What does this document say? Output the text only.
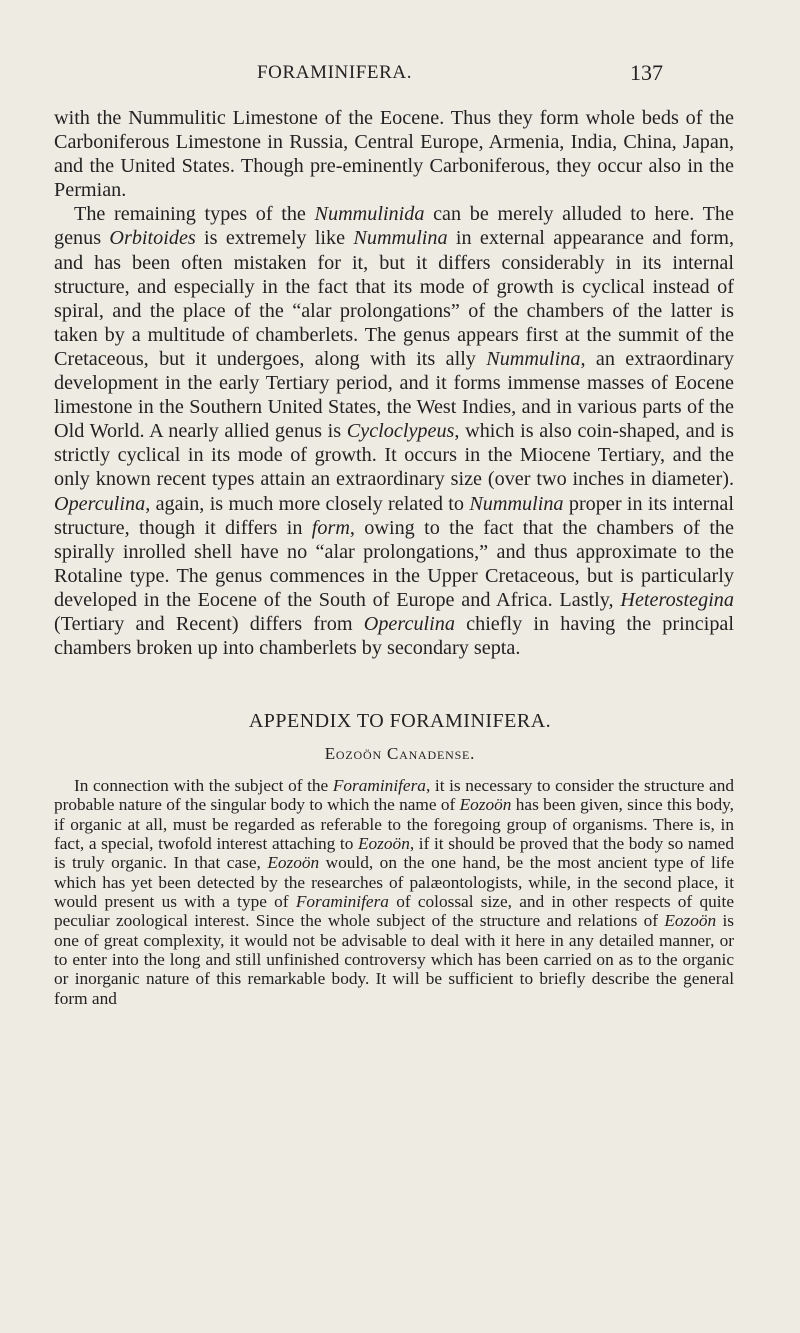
FORAMINIFERA.	137
with the Nummulitic Limestone of the Eocene. Thus they form whole beds of the Carboniferous Limestone in Russia, Central Europe, Armenia, India, China, Japan, and the United States. Though pre-eminently Carboniferous, they occur also in the Permian.
The remaining types of the Nummulinida can be merely alluded to here. The genus Orbitoides is extremely like Nummulina in external appearance and form, and has been often mistaken for it, but it differs considerably in its internal structure, and especially in the fact that its mode of growth is cyclical instead of spiral, and the place of the “alar prolongations” of the chambers of the latter is taken by a multitude of chamberlets. The genus appears first at the summit of the Cretaceous, but it undergoes, along with its ally Nummulina, an extraordinary development in the early Tertiary period, and it forms immense masses of Eocene limestone in the Southern United States, the West Indies, and in various parts of the Old World. A nearly allied genus is Cycloclypeus, which is also coin-shaped, and is strictly cyclical in its mode of growth. It occurs in the Miocene Tertiary, and the only known recent types attain an extraordinary size (over two inches in diameter). Operculina, again, is much more closely related to Nummulina proper in its internal structure, though it differs in form, owing to the fact that the chambers of the spirally inrolled shell have no “alar prolongations,” and thus approximate to the Rotaline type. The genus commences in the Upper Cretaceous, but is particularly developed in the Eocene of the South of Europe and Africa. Lastly, Heterostegina (Tertiary and Recent) differs from Operculina chiefly in having the principal chambers broken up into chamberlets by secondary septa.
APPENDIX TO FORAMINIFERA.
Eozoön Canadense.
In connection with the subject of the Foraminifera, it is necessary to consider the structure and probable nature of the singular body to which the name of Eozoön has been given, since this body, if organic at all, must be regarded as referable to the foregoing group of organisms. There is, in fact, a special, twofold interest attaching to Eozoön, if it should be proved that the body so named is truly organic. In that case, Eozoön would, on the one hand, be the most ancient type of life which has yet been detected by the researches of palæontologists, while, in the second place, it would present us with a type of Foraminifera of colossal size, and in other respects of quite peculiar zoological interest. Since the whole subject of the structure and relations of Eozoön is one of great complexity, it would not be advisable to deal with it here in any detailed manner, or to enter into the long and still unfinished controversy which has been carried on as to the organic or inorganic nature of this remarkable body. It will be sufficient to briefly describe the general form and
